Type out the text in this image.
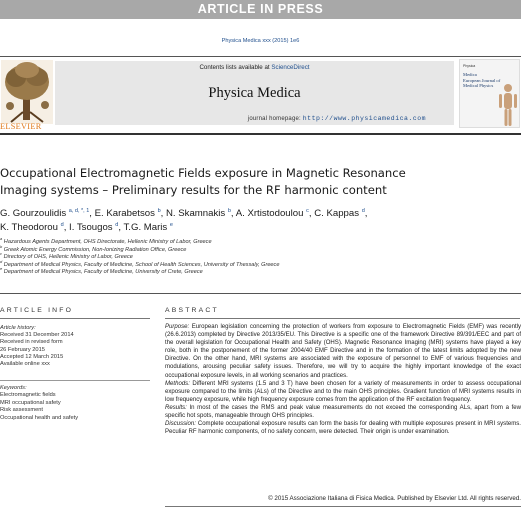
ARTICLE IN PRESS
Physica Medica xxx (2015) 1e6
ELSEVIER
Contents lists available at ScienceDirect
Physica Medica
journal homepage: http://www.physicamedica.com
Physica
Medica
European Journal of Medical Physics
Occupational Electromagnetic Fields exposure in Magnetic Resonance
Imaging systems – Preliminary results for the RF harmonic content
G. Gourzoulidis $^{a, d, *, 1}$, E. Karabetsos $^b$, N. Skamnakis $^b$, A. Xrtistodoulou $^c$, C. Kappas $^d$,
K. Theodorou $^d$, I. Tsougos $^d$, T.G. Maris $^e$
$^a$ Hazardous Agents Department, OHS Directorate, Hellenic Ministry of Labor, Greece
$^b$ Greek Atomic Energy Commission, Non-Ionizing Radiation Office, Greece
$^c$ Directory of OHS, Hellenic Ministry of Labor, Greece
$^d$ Department of Medical Physics, Faculty of Medicine, School of Health Sciences, University of Thessaly, Greece
$^e$ Department of Medical Physics, Faculty of Medicine, University of Crete, Greece
ARTICLE INFO	ABSTRACT
Article history:
Received 31 December 2014
Received in revised form
26 February 2015
Accepted 12 March 2015
Available online xxx
Keywords:
Electromagnetic fields
MRI occupational safety
Risk assessment
Occupational health and safety

Purpose: European legislation concerning the protection of workers from exposure to Electromagnetic Fields (EMF) was recently (26.6.2013) completed by Directive 2013/35/EU. This Directive is a specific one of the framework Directive 89/391/EEC and part of the overall legislation for Occupational Health and Safety (OHS). Magnetic Resonance Imaging (MRI) systems have played a key role, both in the postponement of the former 2004/40 EMF Directive and in the formation of the latest limits adopted by the new Directive. On the other hand, MRI systems are associated with the exposure of personnel to EMF of various frequencies and modulations, arousing peculiar safety issues. Therefore, we will try to acquire the highly important knowledge of the exact occupational exposure levels, in all working scenarios and practices.

Methods: Different MRI systems (1.5 and 3 T) have been chosen for a variety of measurements in order to assess occupational exposure compared to the limits (ALs) of the Directive and to the main OHS principles. Gradient function of MRI systems results in low frequency exposure, while high frequency exposure comes from the application of the RF excitation frequency.

Results: In most of the cases the RMS and peak value measurements do not exceed the corresponding ALs, apart from a few specific hot spots, manageable through OHS principles.

Discussion: Complete occupational exposure results can form the basis for dealing with multiple exposures present in MRI systems. Peculiar RF harmonic components, of no safety concern, were detected. Their origin is under examination.

© 2015 Associazione Italiana di Fisica Medica. Published by Elsevier Ltd. All rights reserved.
